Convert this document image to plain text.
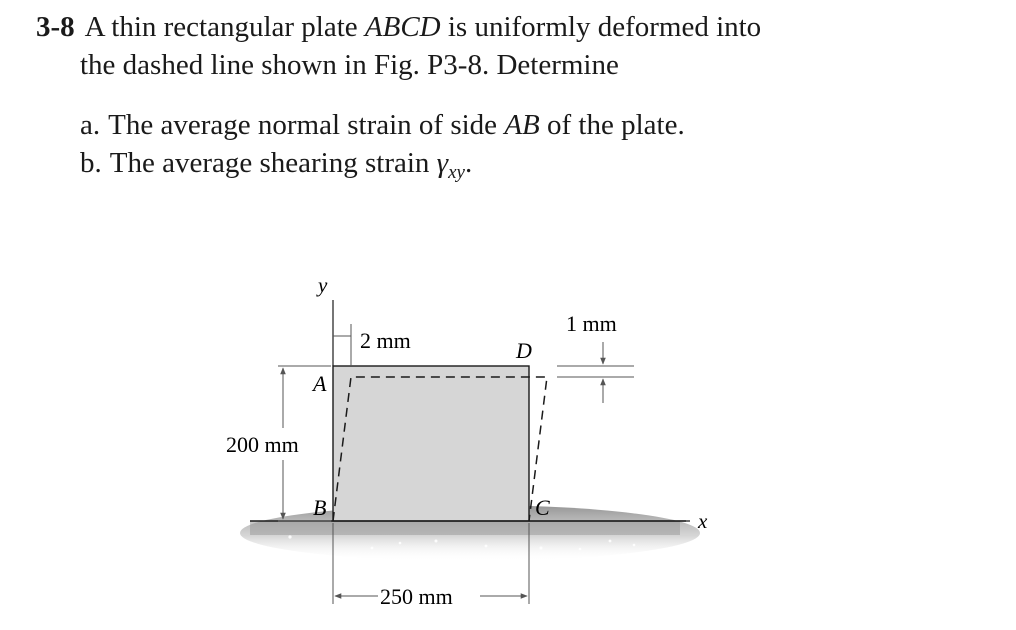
3-8 A thin rectangular plate ABCD is uniformly deformed into
the dashed line shown in Fig. P3-8. Determine
a. The average normal strain of side AB of the plate.
b. The average shearing strain $\gamma_{xy}$.
x
y
2 mm
1 mm
200 mm
250 mm
A
B	C
D
